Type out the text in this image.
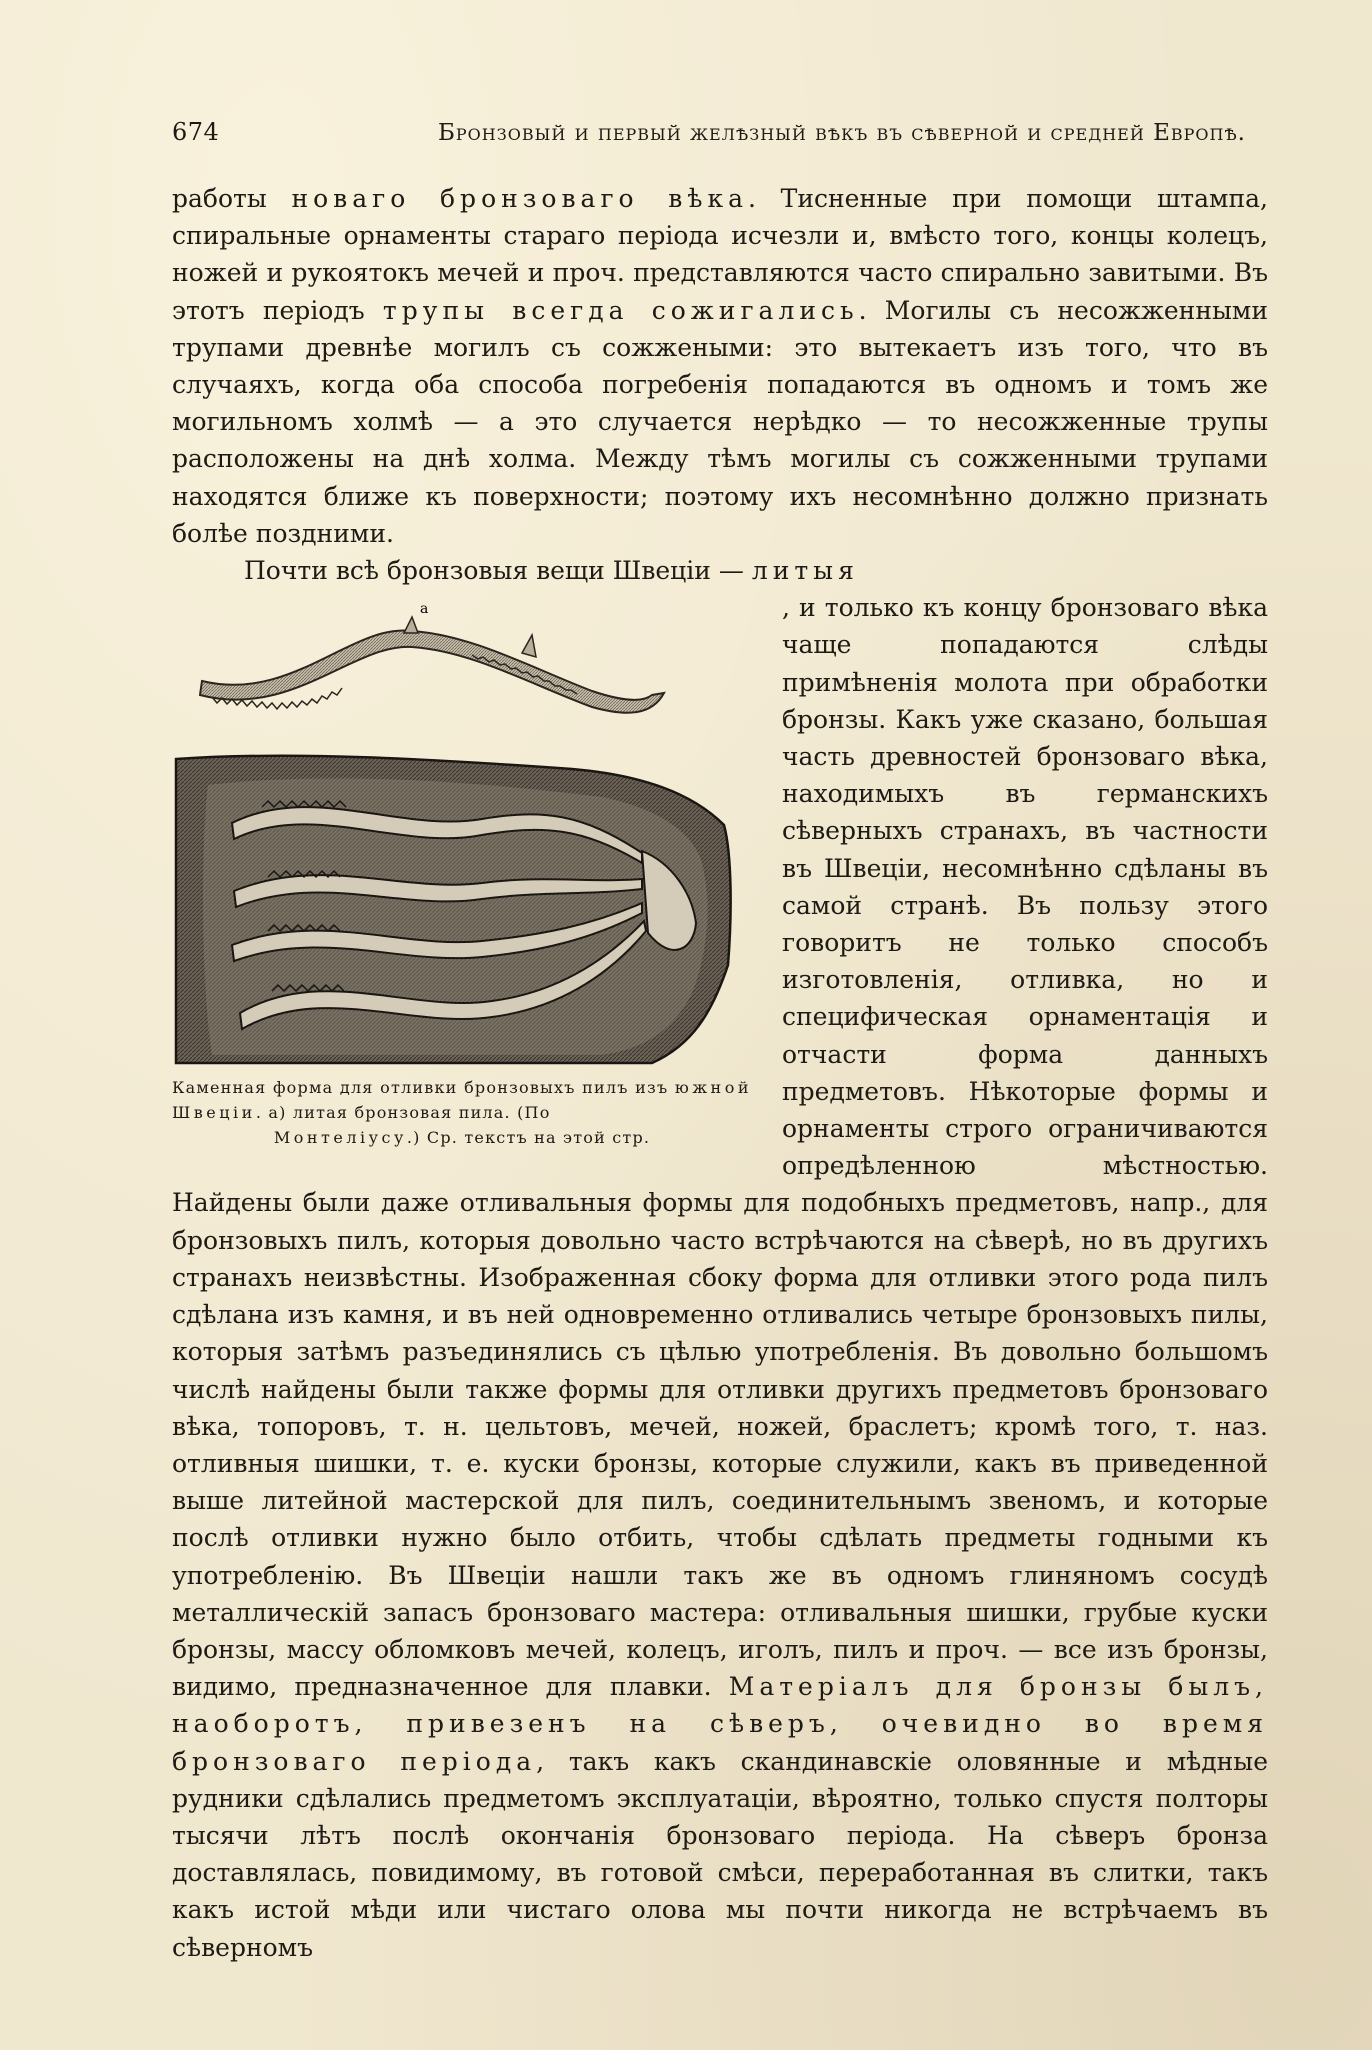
674	Бронзовый и первый желѣзный вѣкъ въ сѣверной и средней Европѣ.

работы новаго бронзоваго вѣка. Тисненные при помощи штампа, спиральные орнаменты стараго періода исчезли и, вмѣсто того, концы колецъ, ножей и рукоятокъ мечей и проч. представляются часто спирально завитыми. Въ этотъ періодъ трупы всегда сожигались. Могилы съ несожженными трупами древнѣе могилъ съ сожжеными: это вытекаетъ изъ того, что въ случаяхъ, когда оба способа погребенія попадаются въ одномъ и томъ же могильномъ холмѣ — а это случается нерѣдко — то несожженные трупы расположены на днѣ холма. Между тѣмъ могилы съ сожженными трупами находятся ближе къ поверхности; поэтому ихъ несомнѣнно должно признать болѣе поздними.

Почти всѣ бронзовыя вещи Швеціи — литыя

a
Каменная форма для отливки бронзовыхъ пилъ изъ южной Швеціи. а) литая бронзовая пила. (По
Монтеліусу.) Ср. текстъ на этой стр.

, и только къ концу бронзоваго вѣка чаще попадаются слѣды примѣненія молота при обработки бронзы. Какъ уже сказано, большая часть древностей бронзоваго вѣка, находимыхъ въ германскихъ сѣверныхъ странахъ, въ частности въ Швеціи, несомнѣнно сдѣланы въ самой странѣ. Въ пользу этого говоритъ не только способъ изготовленія, отливка, но и специфическая орнаментація и отчасти форма данныхъ предметовъ. Нѣкоторые формы и орнаменты строго ограничиваются опредѣленною мѣстностью. Найдены были даже отливальныя формы для подобныхъ предметовъ, напр., для бронзовыхъ пилъ, которыя довольно часто встрѣчаются на сѣверѣ, но въ другихъ странахъ неизвѣстны. Изображенная сбоку форма для отливки этого рода пилъ сдѣлана изъ камня, и въ ней одновременно отливались четыре бронзовыхъ пилы, которыя затѣмъ разъединялись съ цѣлью употребленія. Въ довольно большомъ числѣ найдены были также формы для отливки другихъ предметовъ бронзоваго вѣка, топоровъ, т. н. цельтовъ, мечей, ножей, браслетъ; кромѣ того, т. наз. отливныя шишки, т. е. куски бронзы, которые служили, какъ въ приведенной выше литейной мастерской для пилъ, соединительнымъ звеномъ, и которые послѣ отливки нужно было отбить, чтобы сдѣлать предметы годными къ употребленію. Въ Швеціи нашли такъ же въ одномъ глиняномъ сосудѣ металлическій запасъ бронзоваго мастера: отливальныя шишки, грубые куски бронзы, массу обломковъ мечей, колецъ, иголъ, пилъ и проч. — все изъ бронзы, видимо, предназначенное для плавки. Матеріалъ для бронзы былъ, наоборотъ, привезенъ на сѣверъ, очевидно во время бронзоваго періода, такъ какъ скандинавскіе оловянные и мѣдные рудники сдѣлались предметомъ эксплуатаціи, вѣроятно, только спустя полторы тысячи лѣтъ послѣ окончанія бронзоваго періода. На сѣверъ бронза доставлялась, повидимому, въ готовой смѣси, переработанная въ слитки, такъ какъ истой мѣди или чистаго олова мы почти никогда не встрѣчаемъ въ сѣверномъ
